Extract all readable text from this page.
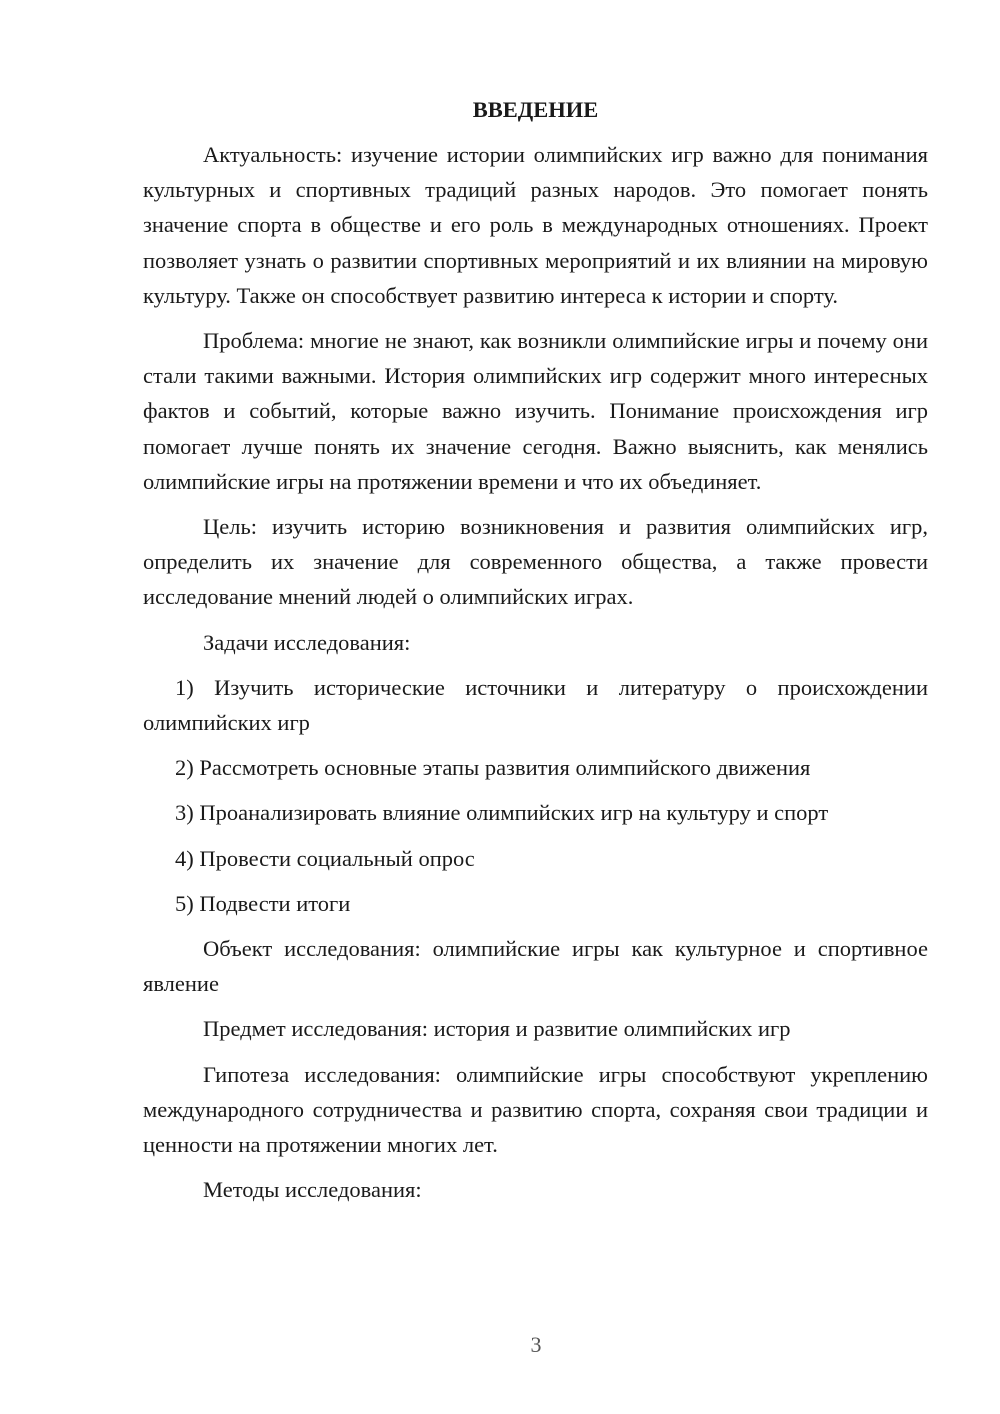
ВВЕДЕНИЕ

Актуальность: изучение истории олимпийских игр важно для понимания культурных и спортивных традиций разных народов. Это помогает понять значение спорта в обществе и его роль в международных отношениях. Проект позволяет узнать о развитии спортивных мероприятий и их влиянии на мировую культуру. Также он способствует развитию интереса к истории и спорту.

Проблема: многие не знают, как возникли олимпийские игры и почему они стали такими важными. История олимпийских игр содержит много интересных фактов и событий, которые важно изучить. Понимание происхождения игр помогает лучше понять их значение сегодня. Важно выяснить, как менялись олимпийские игры на протяжении времени и что их объединяет.

Цель: изучить историю возникновения и развития олимпийских игр, определить их значение для современного общества, а также провести исследование мнений людей о олимпийских играх.

Задачи исследования:

1) Изучить исторические источники и литературу о происхождении олимпийских игр

2) Рассмотреть основные этапы развития олимпийского движения

3) Проанализировать влияние олимпийских игр на культуру и спорт

4) Провести социальный опрос

5) Подвести итоги

Объект исследования: олимпийские игры как культурное и спортивное явление

Предмет исследования: история и развитие олимпийских игр

Гипотеза исследования: олимпийские игры способствуют укреплению международного сотрудничества и развитию спорта, сохраняя свои традиции и ценности на протяжении многих лет.

Методы исследования:

3
